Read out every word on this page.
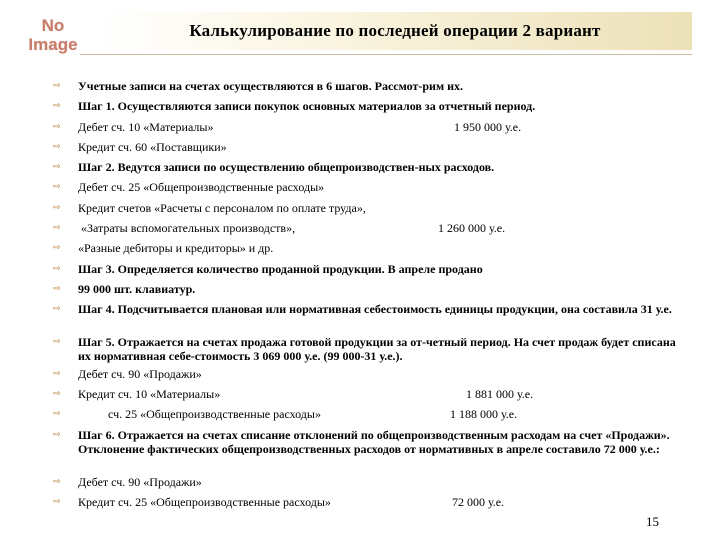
No
Image
Калькулирование по последней операции 2 вариант
⇨ Учетные записи на счетах осуществляются в 6 шагов. Рассмот-рим их.
⇨ Шаг 1. Осуществляются записи покупок основных материалов за отчетный период.
⇨ Дебет сч. 10 «Материалы»	1 950 000 у.е.
⇨ Кредит сч. 60 «Поставщики»
⇨ Шаг 2. Ведутся записи по осуществлению общепроизводствен-ных расходов.
⇨ Дебет сч. 25 «Общепроизводственные расходы»
⇨ Кредит счетов «Расчеты с персоналом по оплате труда»,
⇨ «Затраты вспомогательных производств»,	1 260 000 у.е.
⇨ «Разные дебиторы и кредиторы» и др.
⇨ Шаг 3. Определяется количество проданной продукции. В апреле продано
⇨ 99 000 шт. клавиатур.
⇨ Шаг 4. Подсчитывается плановая или нормативная себестоимость единицы продукции, она составила 31 у.е.
⇨ Шаг 5. Отражается на счетах продажа готовой продукции за от-четный период. На счет продаж будет списана их нормативная себе-стоимость 3 069 000 у.е. (99 000-31 у.е.).
⇨ Дебет сч. 90 «Продажи»
⇨ Кредит сч. 10 «Материалы»	1 881 000 у.е.
⇨ сч. 25 «Общепроизводственные расходы»	1 188 000 у.е.
⇨ Шаг 6. Отражается на счетах списание отклонений по общепроизводственным расходам на счет «Продажи». Отклонение фактических общепроизводственных расходов от нормативных в апреле составило 72 000 у.е.:
⇨ Дебет сч. 90 «Продажи»
⇨ Кредит сч. 25 «Общепроизводственные расходы»	72 000 у.е.
15
